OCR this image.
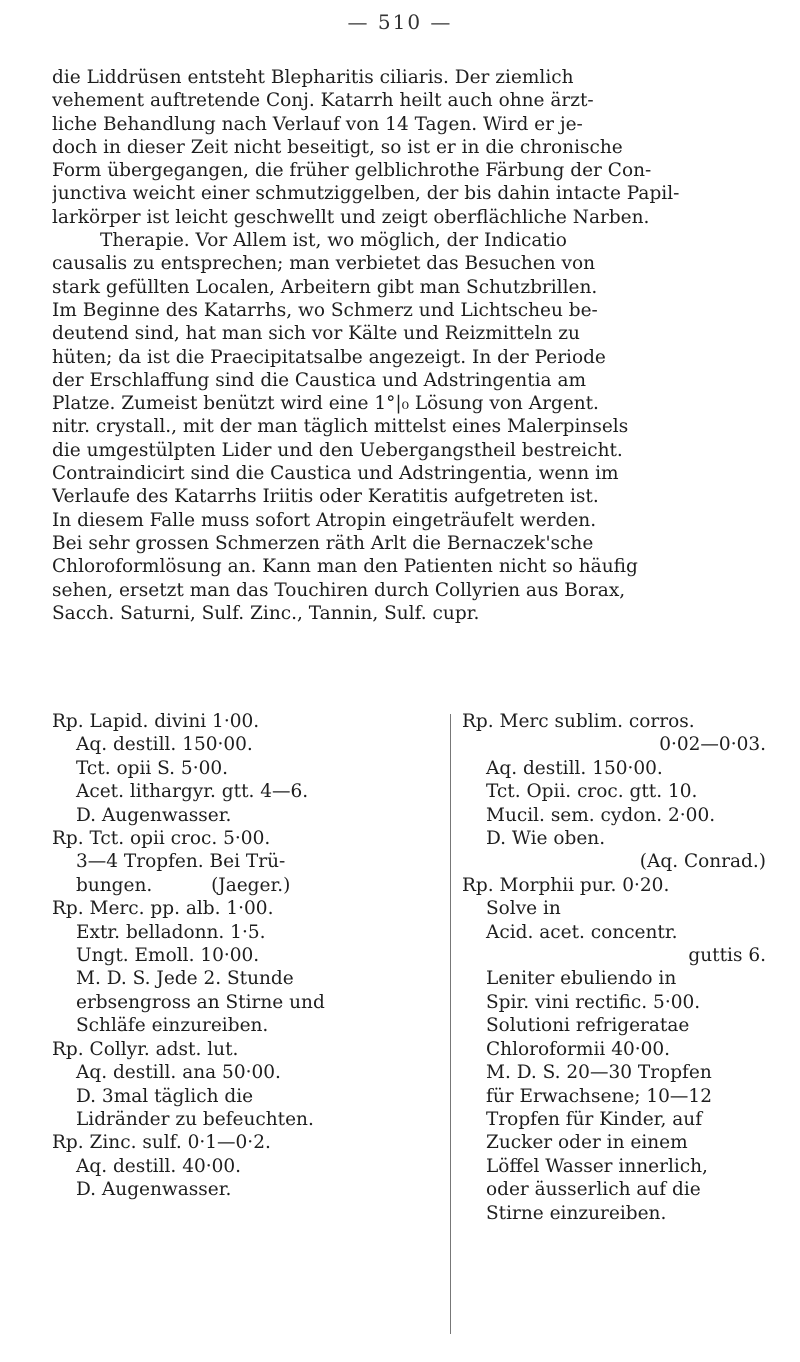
— 510 —
die Liddrüsen entsteht Blepharitis ciliaris. Der ziemlich
vehement auftretende Conj. Katarrh heilt auch ohne ärzt-
liche Behandlung nach Verlauf von 14 Tagen. Wird er je-
doch in dieser Zeit nicht beseitigt, so ist er in die chronische
Form übergegangen, die früher gelblichrothe Färbung der Con-
junctiva weicht einer schmutziggelben, der bis dahin intacte Papil-
larkörper ist leicht geschwellt und zeigt oberflächliche Narben.
Therapie. Vor Allem ist, wo möglich, der Indicatio
causalis zu entsprechen; man verbietet das Besuchen von
stark gefüllten Localen, Arbeitern gibt man Schutzbrillen.
Im Beginne des Katarrhs, wo Schmerz und Lichtscheu be-
deutend sind, hat man sich vor Kälte und Reizmitteln zu
hüten; da ist die Praecipitatsalbe angezeigt. In der Periode
der Erschlaffung sind die Caustica und Adstringentia am
Platze. Zumeist benützt wird eine 1°|₀ Lösung von Argent.
nitr. crystall., mit der man täglich mittelst eines Malerpinsels
die umgestülpten Lider und den Uebergangstheil bestreicht.
Contraindicirt sind die Caustica und Adstringentia, wenn im
Verlaufe des Katarrhs Iriitis oder Keratitis aufgetreten ist.
In diesem Falle muss sofort Atropin eingeträufelt werden.
Bei sehr grossen Schmerzen räth Arlt die Bernaczek'sche
Chloroformlösung an. Kann man den Patienten nicht so häufig
sehen, ersetzt man das Touchiren durch Collyrien aus Borax,
Sacch. Saturni, Sulf. Zinc., Tannin, Sulf. cupr.
Rp. Lapid. divini 1·00.
Aq. destill. 150·00.
Tct. opii S. 5·00.
Acet. lithargyr. gtt. 4—6.
D. Augenwasser.
Rp. Tct. opii croc. 5·00.
3—4 Tropfen. Bei Trü-
bungen.          (Jaeger.)
Rp. Merc. pp. alb. 1·00.
Extr. belladonn. 1·5.
Ungt. Emoll. 10·00.
M. D. S. Jede 2. Stunde
erbsengross an Stirne und
Schläfe einzureiben.
Rp. Collyr. adst. lut.
Aq. destill. ana 50·00.
D. 3mal täglich die
Lidränder zu befeuchten.
Rp. Zinc. sulf. 0·1—0·2.
Aq. destill. 40·00.
D. Augenwasser.
Rp. Merc sublim. corros.
0·02—0·03.
Aq. destill. 150·00.
Tct. Opii. croc. gtt. 10.
Mucil. sem. cydon. 2·00.
D. Wie oben.
(Aq. Conrad.)
Rp. Morphii pur. 0·20.
Solve in
Acid. acet. concentr.
guttis 6.
Leniter ebuliendo in
Spir. vini rectific. 5·00.
Solutioni refrigeratae
Chloroformii 40·00.
M. D. S. 20—30 Tropfen
für Erwachsene; 10—12
Tropfen für Kinder, auf
Zucker oder in einem
Löffel Wasser innerlich,
oder äusserlich auf die
Stirne einzureiben.
